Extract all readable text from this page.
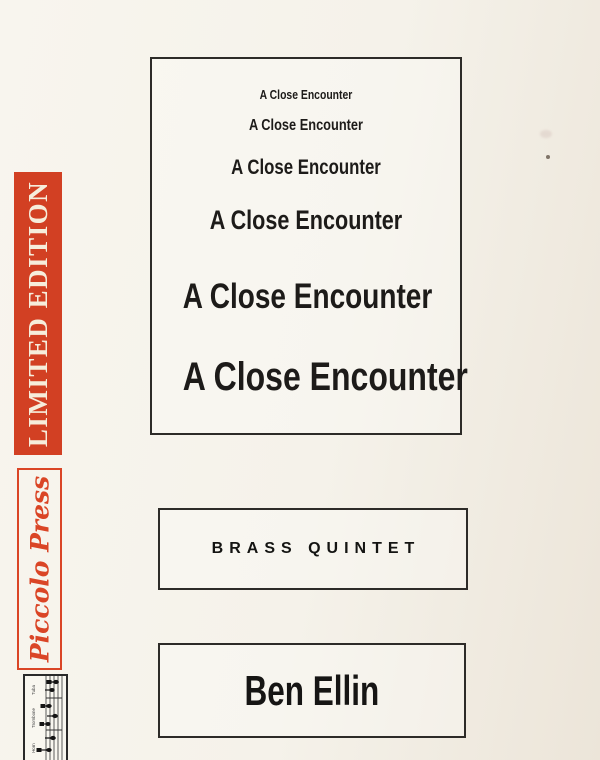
A Close Encounter
A Close Encounter
A Close Encounter
A Close Encounter
A Close Encounter
A Close Encounter
BRASS QUINTET
Ben Ellin
LIMITED EDITION
Piccolo Press
Tuba
Trombone
Horn
